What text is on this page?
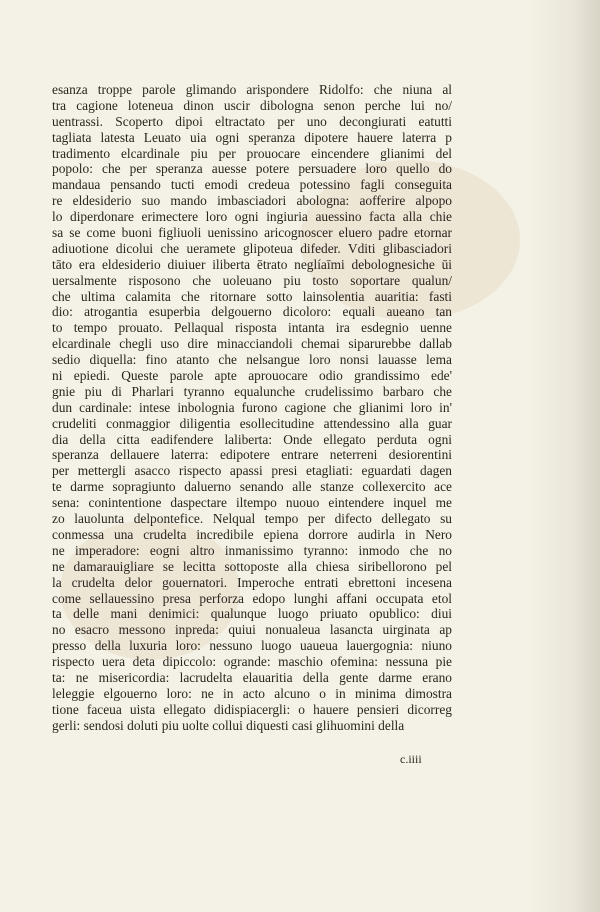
esanza troppe parole glimando arispondere Ridolfo: che niuna al
tra cagione loteneua dinon uscir dibologna senon perche lui no/
uentrassi. Scoperto dipoi eltractato per uno decongiurati eatutti
tagliata latesta Leuato uia ogni speranza dipotere hauere laterra p
tradimento elcardinale piu per prouocare eincendere glianimi del
popolo: che per speranza auesse potere persuadere loro quello do
mandaua pensando tucti emodi credeua potessino fagli conseguita
re eldesiderio suo mando imbasciadori abologna: aofferire alpopo
lo diperdonare erimectere loro ogni ingiuria auessino facta alla chie
sa se come buoni figliuoli uenissino aricognoscer eluero padre etornar
adiuotione dicolui che ueramete glipoteua difeder. Vditi glibasciadori
tāto era eldesiderio diuiuer iliberta ētrato neglíaīmi debolognesiche ūi
uersalmente risposono che uoleuano piu tosto soportare qualun/
che ultima calamita che ritornare sotto lainsolentia auaritia: fasti
dio: atrogantia esuperbia delgouerno dicoloro: equali aueano tan
to tempo prouato. Pellaqual risposta intanta ira esdegnio uenne
elcardinale chegli uso dire minacciandoli chemai siparurebbe dallab
sedio diquella: fino atanto che nelsangue loro nonsi lauasse lema
ni epiedi. Queste parole apte aprouocare odio grandissimo ede'
gnie piu di Pharlari tyranno equalunche crudelissimo barbaro che
dun cardinale: intese inbolognia furono cagione che glianimi loro in'
crudeliti conmaggior diligentia esollecitudine attendessino alla guar
dia della citta eadifendere laliberta: Onde ellegato perduta ogni
speranza dellauere laterra: edipotere entrare neterreni desiorentini
per mettergli asacco rispecto apassi presi etagliati: eguardati dagen
te darme sopragiunto daluerno senando alle stanze collexercito ace
sena: conintentione daspectare iltempo nuouo eintendere inquel me
zo lauolunta delpontefice. Nelqual tempo per difecto dellegato su
conmessa una crudelta incredibile epiena dorrore audirla in Nero
ne imperadore: eogni altro inmanissimo tyranno: inmodo che no
ne damarauigliare se lecitta sottoposte alla chiesa siribellorono pel
la crudelta delor gouernatori. Imperoche entrati ebrettoni incesena
come sellauessino presa perforza edopo lunghi affani occupata etol
ta delle mani denimici: qualunque luogo priuato opublico: diui
no esacro messono inpreda: quiui nonualeua lasancta uirginata ap
presso della luxuria loro: nessuno luogo uaueua lauergognia: niuno
rispecto uera deta dipiccolo: ogrande: maschio ofemina: nessuna pie
ta: ne misericordia: lacrudelta elauaritia della gente darme erano
leleggie elgouerno loro: ne in acto alcuno o in minima dimostra
tione faceua uista ellegato didispiacergli: o hauere pensieri dicorreg
gerli: sendosi doluti piu uolte collui diquesti casi glihuomini della
c.iiii
